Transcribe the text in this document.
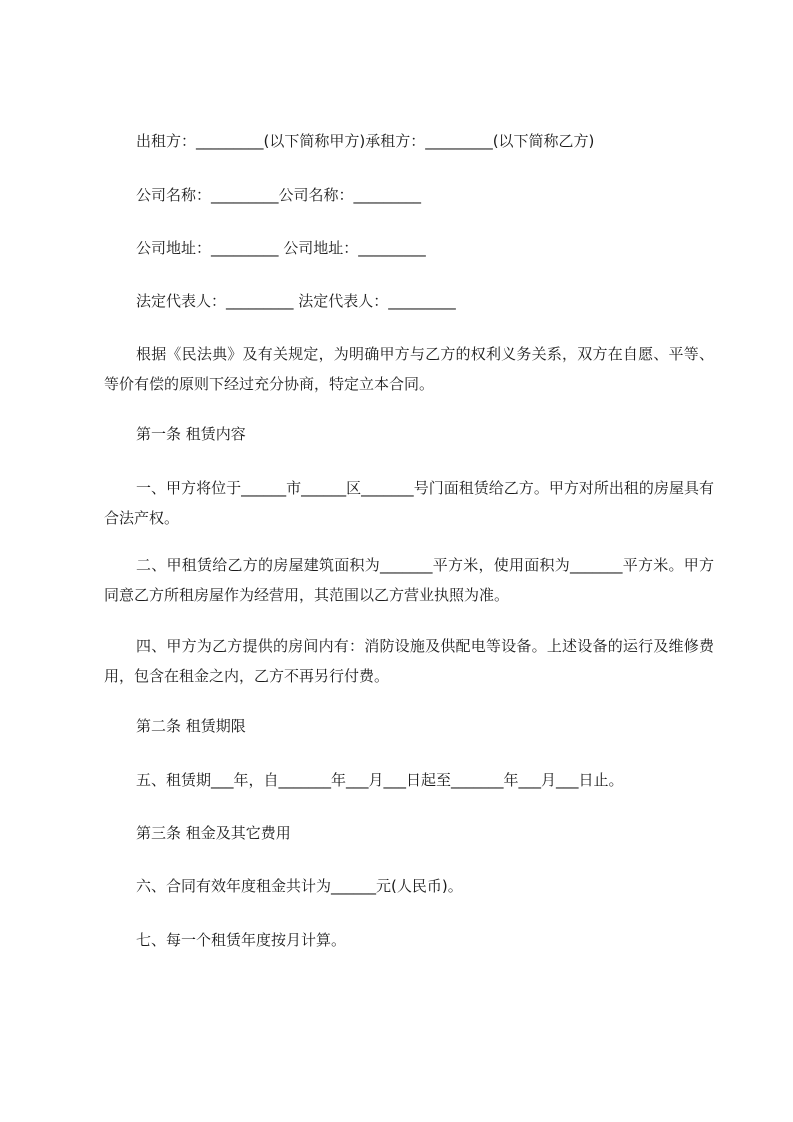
出租方：_________(以下简称甲方)承租方：_________(以下简称乙方)

公司名称：_________公司名称：_________

公司地址：_________ 公司地址：_________

法定代表人：_________ 法定代表人：_________

根据《民法典》及有关规定，为明确甲方与乙方的权利义务关系，双方在自愿、平等、等价有偿的原则下经过充分协商，特定立本合同。

第一条 租赁内容

一、甲方将位于______市______区_______号门面租赁给乙方。甲方对所出租的房屋具有合法产权。

二、甲租赁给乙方的房屋建筑面积为_______平方米，使用面积为_______平方米。甲方同意乙方所租房屋作为经营用，其范围以乙方营业执照为准。

四、甲方为乙方提供的房间内有：消防设施及供配电等设备。上述设备的运行及维修费用，包含在租金之内，乙方不再另行付费。

第二条 租赁期限

五、租赁期___年，自_______年___月___日起至_______年___月___日止。

第三条 租金及其它费用

六、合同有效年度租金共计为______元(人民币)。

七、每一个租赁年度按月计算。
